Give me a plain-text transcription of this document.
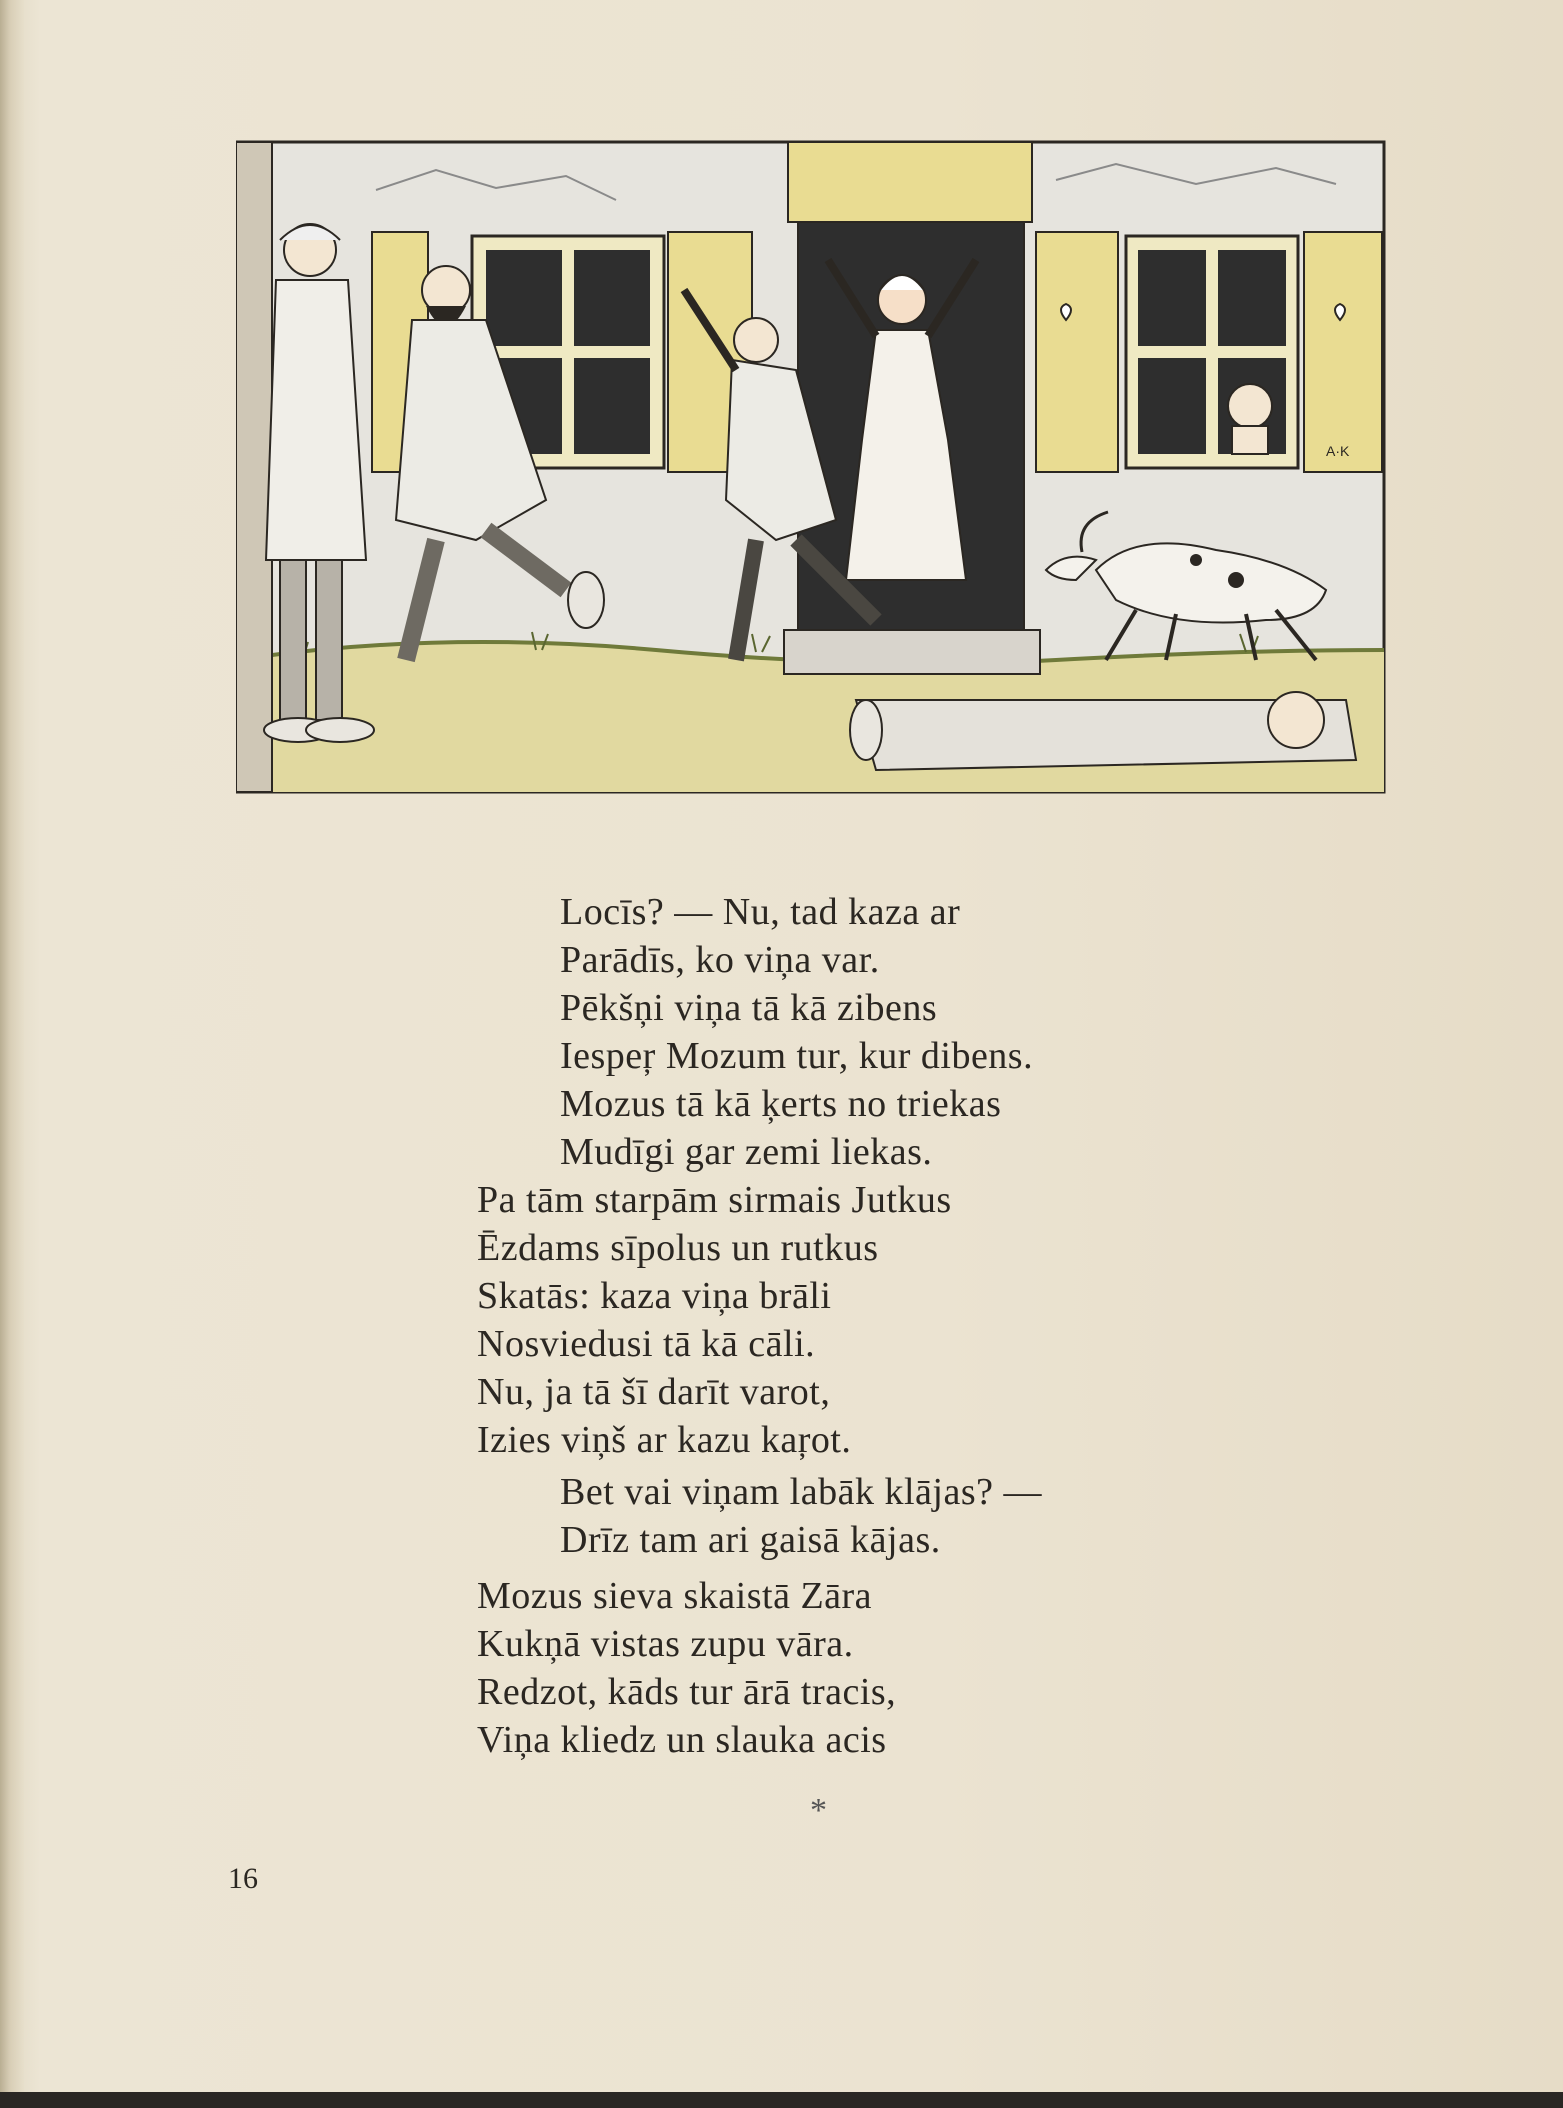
A·K
Locīs? — Nu, tad kaza ar
Parādīs, ko viņa var.
Pēkšņi viņa tā kā zibens
Iespeŗ Mozum tur, kur dibens.
Mozus tā kā ķerts no triekas
Mudīgi gar zemi liekas.
Pa tām starpām sirmais Jutkus
Ēzdams sīpolus un rutkus
Skatās: kaza viņa brāli
Nosviedusi tā kā cāli.
Nu, ja tā šī darīt varot,
Izies viņš ar kazu kaŗot.
Bet vai viņam labāk klājas? —
Drīz tam ari gaisā kājas.
Mozus sieva skaistā Zāra
Kukņā vistas zupu vāra.
Redzot, kāds tur ārā tracis,
Viņa kliedz un slauka acis
*
16
